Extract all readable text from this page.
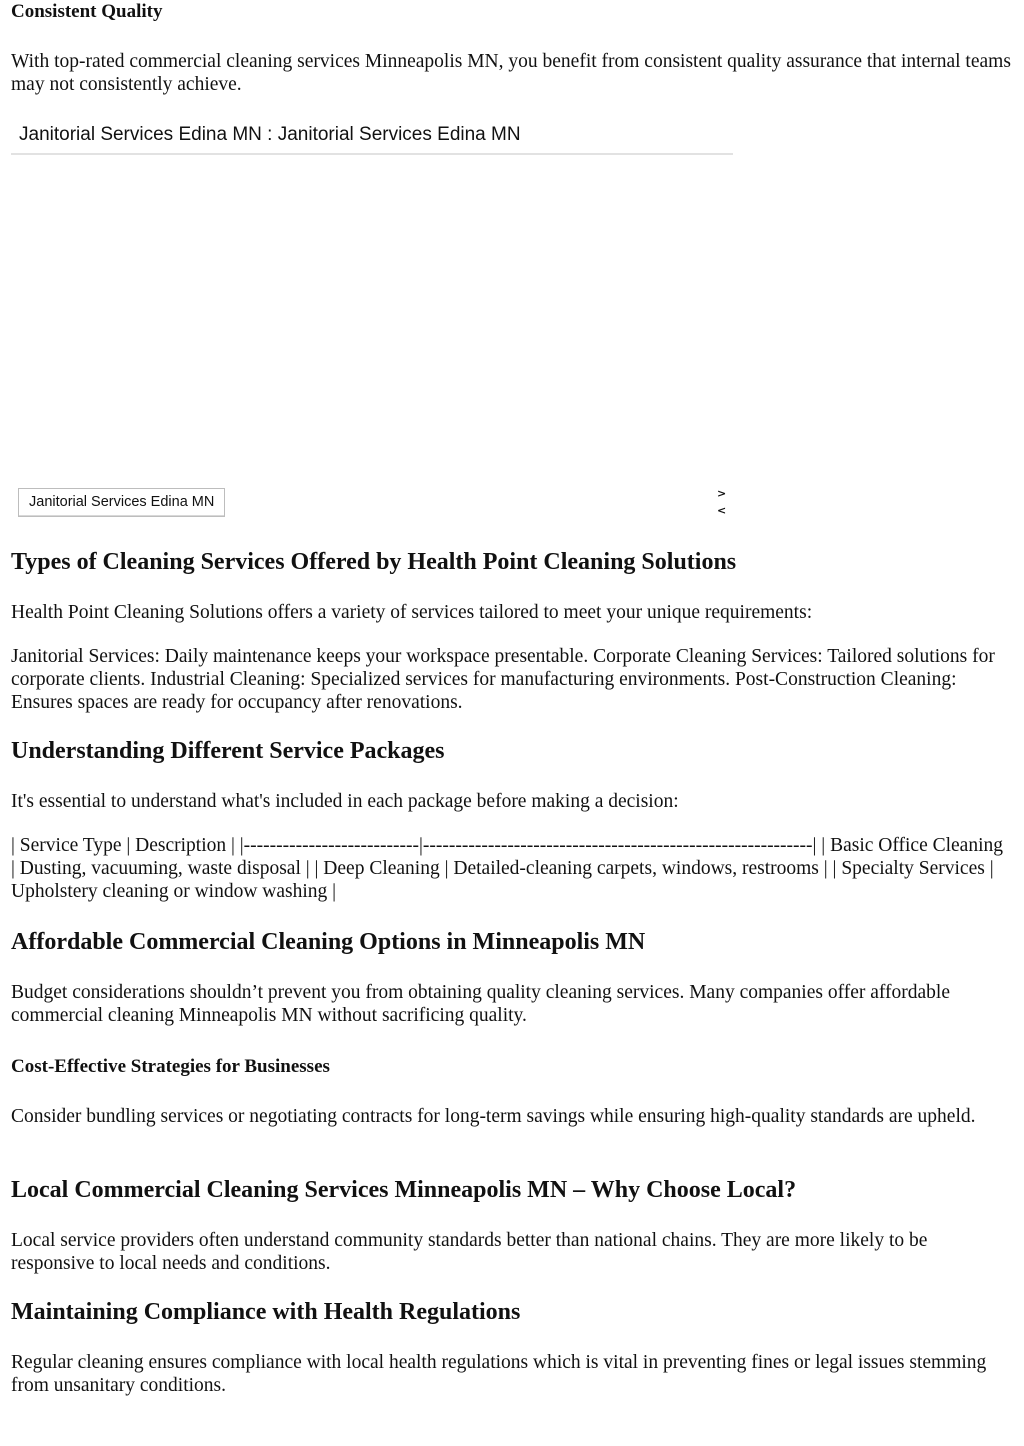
Consistent Quality

With top-rated commercial cleaning services Minneapolis MN, you benefit from consistent quality assurance that internal teams may not consistently achieve.

Janitorial Services Edina MN : Janitorial Services Edina MN
Janitorial Services Edina MN
>
<
Types of Cleaning Services Offered by Health Point Cleaning Solutions

Health Point Cleaning Solutions offers a variety of services tailored to meet your unique requirements:

Janitorial Services: Daily maintenance keeps your workspace presentable. Corporate Cleaning Services: Tailored solutions for corporate clients. Industrial Cleaning: Specialized services for manufacturing environments. Post-Construction Cleaning: Ensures spaces are ready for occupancy after renovations.

Understanding Different Service Packages

It's essential to understand what's included in each package before making a decision:

| Service Type | Description | |---------------------------|------------------------------------------------------------| | Basic Office Cleaning | Dusting, vacuuming, waste disposal | | Deep Cleaning | Detailed-cleaning carpets, windows, restrooms | | Specialty Services | Upholstery cleaning or window washing |

Affordable Commercial Cleaning Options in Minneapolis MN

Budget considerations shouldn’t prevent you from obtaining quality cleaning services. Many companies offer affordable commercial cleaning Minneapolis MN without sacrificing quality.

Cost-Effective Strategies for Businesses

Consider bundling services or negotiating contracts for long-term savings while ensuring high-quality standards are upheld.

Local Commercial Cleaning Services Minneapolis MN – Why Choose Local?

Local service providers often understand community standards better than national chains. They are more likely to be responsive to local needs and conditions.

Maintaining Compliance with Health Regulations

Regular cleaning ensures compliance with local health regulations which is vital in preventing fines or legal issues stemming from unsanitary conditions.
